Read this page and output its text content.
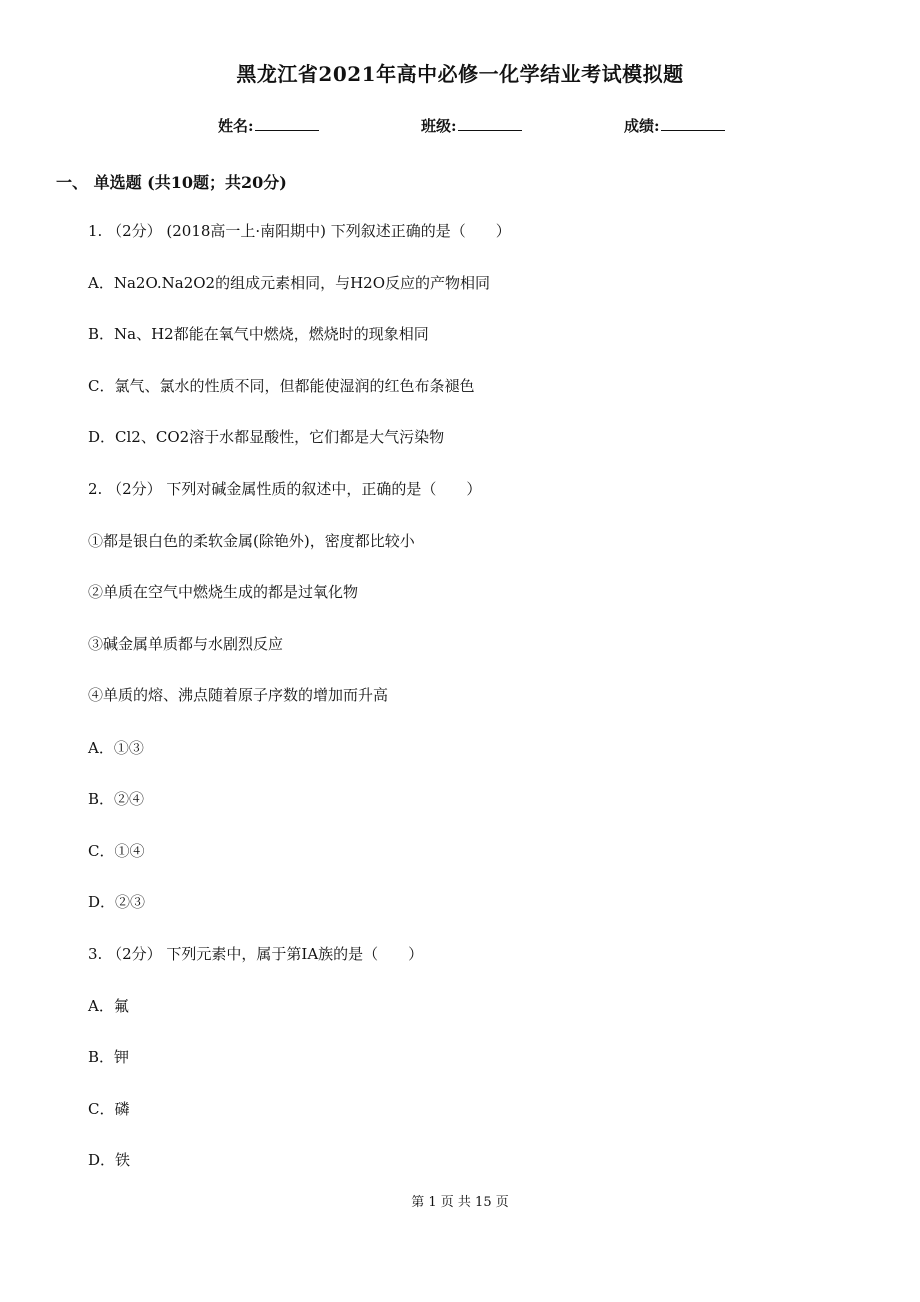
黑龙江省2021年高中必修一化学结业考试模拟题
姓名:	班级:	成绩:
一、 单选题 (共10题；共20分)
1. （2分） (2018高一上·南阳期中) 下列叙述正确的是（　　）
A．Na2O.Na2O2的组成元素相同，与H2O反应的产物相同
B．Na、H2都能在氧气中燃烧，燃烧时的现象相同
C．氯气、氯水的性质不同，但都能使湿润的红色布条褪色
D．Cl2、CO2溶于水都显酸性，它们都是大气污染物
2. （2分） 下列对碱金属性质的叙述中，正确的是（　　）
①都是银白色的柔软金属(除铯外)，密度都比较小
②单质在空气中燃烧生成的都是过氧化物
③碱金属单质都与水剧烈反应
④单质的熔、沸点随着原子序数的增加而升高
A．①③
B．②④
C．①④
D．②③
3. （2分） 下列元素中，属于第ⅠA族的是（　　）
A．氟
B．钾
C．磷
D．铁
第 1 页 共 15 页
